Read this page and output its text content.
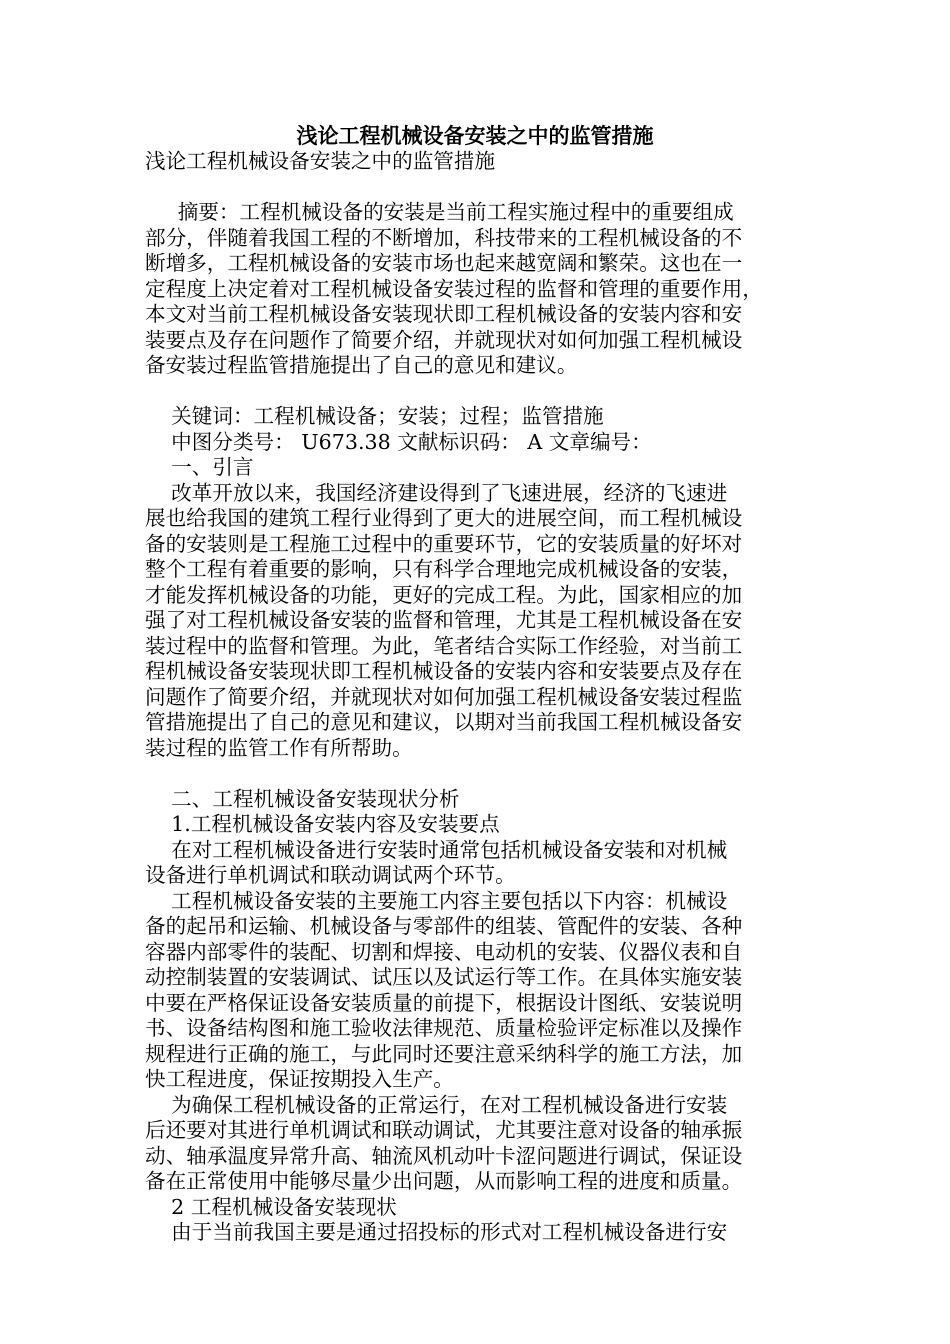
浅论工程机械设备安装之中的监管措施
浅论工程机械设备安装之中的监管措施
摘要：工程机械设备的安装是当前工程实施过程中的重要组成
部分，伴随着我国工程的不断增加，科技带来的工程机械设备的不
断增多，工程机械设备的安装市场也起来越宽阔和繁荣。这也在一
定程度上决定着对工程机械设备安装过程的监督和管理的重要作用，
本文对当前工程机械设备安装现状即工程机械设备的安装内容和安
装要点及存在问题作了简要介绍，并就现状对如何加强工程机械设
备安装过程监管措施提出了自己的意见和建议。
关键词：工程机械设备；安装；过程；监管措施
中图分类号： U673.38 文献标识码： A 文章编号：
一、引言
改革开放以来，我国经济建设得到了飞速进展，经济的飞速进
展也给我国的建筑工程行业得到了更大的进展空间，而工程机械设
备的安装则是工程施工过程中的重要环节，它的安装质量的好坏对
整个工程有着重要的影响，只有科学合理地完成机械设备的安装，
才能发挥机械设备的功能，更好的完成工程。为此，国家相应的加
强了对工程机械设备安装的监督和管理，尤其是工程机械设备在安
装过程中的监督和管理。为此，笔者结合实际工作经验，对当前工
程机械设备安装现状即工程机械设备的安装内容和安装要点及存在
问题作了简要介绍，并就现状对如何加强工程机械设备安装过程监
管措施提出了自己的意见和建议，以期对当前我国工程机械设备安
装过程的监管工作有所帮助。
二、工程机械设备安装现状分析
1.工程机械设备安装内容及安装要点
在对工程机械设备进行安装时通常包括机械设备安装和对机械
设备进行单机调试和联动调试两个环节。
工程机械设备安装的主要施工内容主要包括以下内容：机械设
备的起吊和运输、机械设备与零部件的组装、管配件的安装、各种
容器内部零件的装配、切割和焊接、电动机的安装、仪器仪表和自
动控制装置的安装调试、试压以及试运行等工作。在具体实施安装
中要在严格保证设备安装质量的前提下，根据设计图纸、安装说明
书、设备结构图和施工验收法律规范、质量检验评定标准以及操作
规程进行正确的施工，与此同时还要注意采纳科学的施工方法，加
快工程进度，保证按期投入生产。
为确保工程机械设备的正常运行，在对工程机械设备进行安装
后还要对其进行单机调试和联动调试，尤其要注意对设备的轴承振
动、轴承温度异常升高、轴流风机动叶卡涩问题进行调试，保证设
备在正常使用中能够尽量少出问题，从而影响工程的进度和质量。
2 工程机械设备安装现状
由于当前我国主要是通过招投标的形式对工程机械设备进行安
